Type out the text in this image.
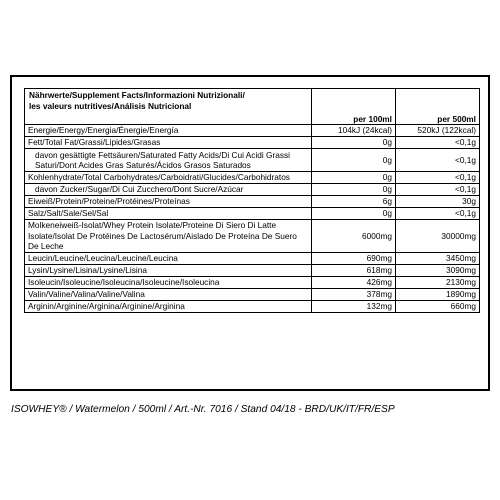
Nährwerte/Supplement Facts/Informazioni Nutrizionali/
les valeurs nutritives/Análisis Nutricional	per 100ml	per 500ml
Energie/Energy/Energia/Énergie/Energía	104kJ (24kcal)	520kJ (122kcal)
Fett/Total Fat/Grassi/Lipides/Grasas	0g	<0,1g
davon gesättigte Fettsäuren/Saturated Fatty Acids/Di Cui Acidi Grassi Saturi/Dont Acides Gras Saturés/Ácidos Grasos Saturados	0g	<0,1g
Kohlenhydrate/Total Carbohydrates/Carboidrati/Glucides/Carbohidratos	0g	<0,1g
davon Zucker/Sugar/Di Cui Zucchero/Dont Sucre/Azúcar	0g	<0,1g
Eiweiß/Protein/Proteine/Protéines/Proteínas	6g	30g
Salz/Salt/Sale/Sel/Sal	0g	<0,1g
Molkeneiweiß-Isolat/Whey Protein Isolate/Proteine Di Siero Di Latte Isolate/Isolat De Protéines De Lactosérum/Aislado De Proteína De Suero De Leche	6000mg	30000mg
Leucin/Leucine/Leucina/Leucine/Leucina	690mg	3450mg
Lysin/Lysine/Lisina/Lysine/Lisina	618mg	3090mg
Isoleucin/Isoleucine/Isoleucina/Isoleucine/Isoleucina	426mg	2130mg
Valin/Valine/Valina/Valine/Valina	378mg	1890mg
Arginin/Arginine/Arginina/Arginine/Arginina	132mg	660mg
ISOWHEY® / Watermelon / 500ml / Art.-Nr. 7016 / Stand 04/18 - BRD/UK/IT/FR/ESP
